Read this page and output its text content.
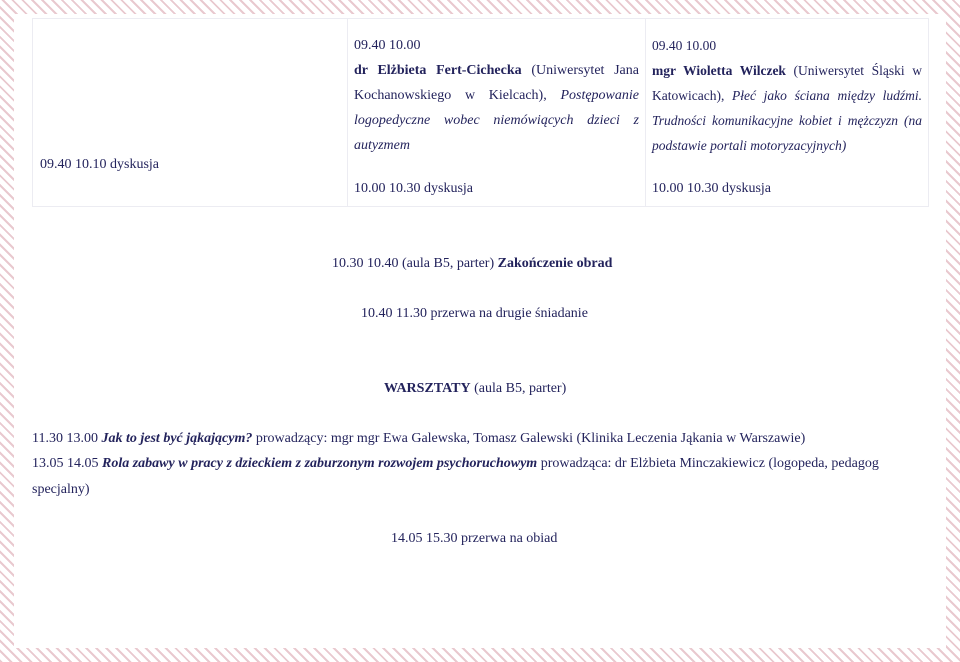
09.40 10.10 dyskusja
09.40 10.00
dr Elżbieta Fert-Cichecka (Uniwersytet Jana Kochanowskiego w Kielcach), Postępowanie logopedyczne wobec niemówiących dzieci z autyzmem
10.00 10.30 dyskusja
09.40 10.00
mgr Wioletta Wilczek (Uniwersytet Śląski w Katowicach), Płeć jako ściana między ludźmi. Trudności komunikacyjne kobiet i mężczyzn (na podstawie portali motoryzacyjnych)
10.00 10.30 dyskusja
10.30 10.40 (aula B5, parter) Zakończenie obrad
10.40 11.30 przerwa na drugie śniadanie
WARSZTATY (aula B5, parter)
11.30 13.00 Jak to jest być jąkającym? prowadzący: mgr mgr Ewa Galewska, Tomasz Galewski (Klinika Leczenia Jąkania w Warszawie)
13.05 14.05 Rola zabawy w pracy z dzieckiem z zaburzonym rozwojem psychoruchowym prowadząca: dr Elżbieta Minczakiewicz (logopeda, pedagog
specjalny)
14.05 15.30 przerwa na obiad
